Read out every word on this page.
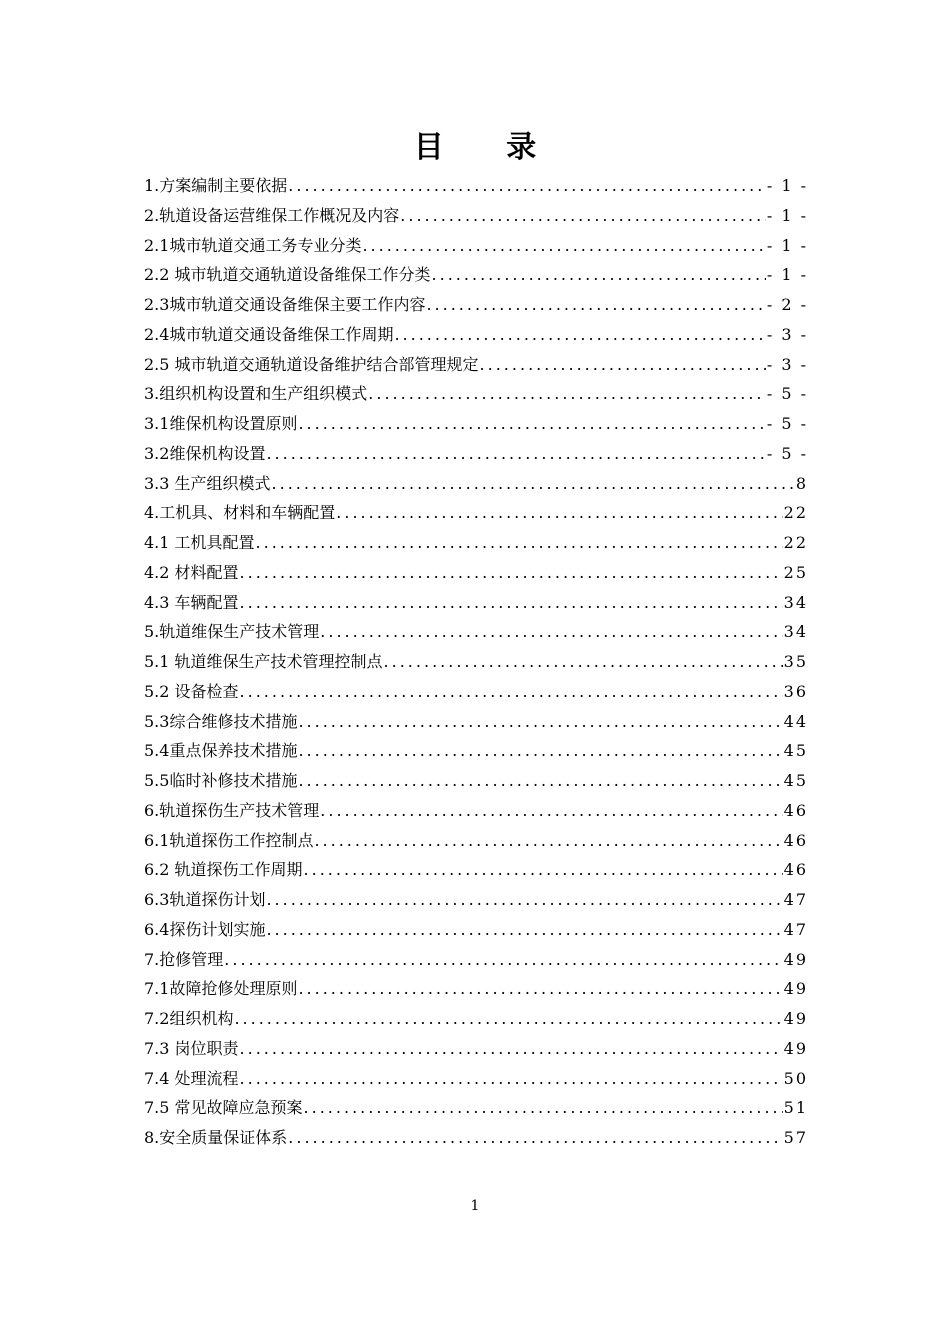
目 录
1.方案编制主要依据 .....	- 1 -
2.轨道设备运营维保工作概况及内容 .....	- 1 -
2.1城市轨道交通工务专业分类 .....	- 1 -
2.2 城市轨道交通轨道设备维保工作分类 .....	- 1 -
2.3城市轨道交通设备维保主要工作内容 .....	- 2 -
2.4城市轨道交通设备维保工作周期 .....	- 3 -
2.5 城市轨道交通轨道设备维护结合部管理规定 .....	- 3 -
3.组织机构设置和生产组织模式 .....	- 5 -
3.1维保机构设置原则 .....	- 5 -
3.2维保机构设置 .....	- 5 -
3.3 生产组织模式 .....	8
4.工机具、材料和车辆配置 .....	22
4.1 工机具配置 .....	22
4.2 材料配置 .....	25
4.3 车辆配置 .....	34
5.轨道维保生产技术管理 .....	34
5.1 轨道维保生产技术管理控制点 .....	35
5.2 设备检查 .....	36
5.3综合维修技术措施 .....	44
5.4重点保养技术措施 .....	45
5.5临时补修技术措施 .....	45
6.轨道探伤生产技术管理 .....	46
6.1轨道探伤工作控制点 .....	46
6.2 轨道探伤工作周期 .....	46
6.3轨道探伤计划 .....	47
6.4探伤计划实施 .....	47
7.抢修管理 .....	49
7.1故障抢修处理原则 .....	49
7.2组织机构 .....	49
7.3 岗位职责 .....	49
7.4 处理流程 .....	50
7.5 常见故障应急预案 .....	51
8.安全质量保证体系 .....	57
1
